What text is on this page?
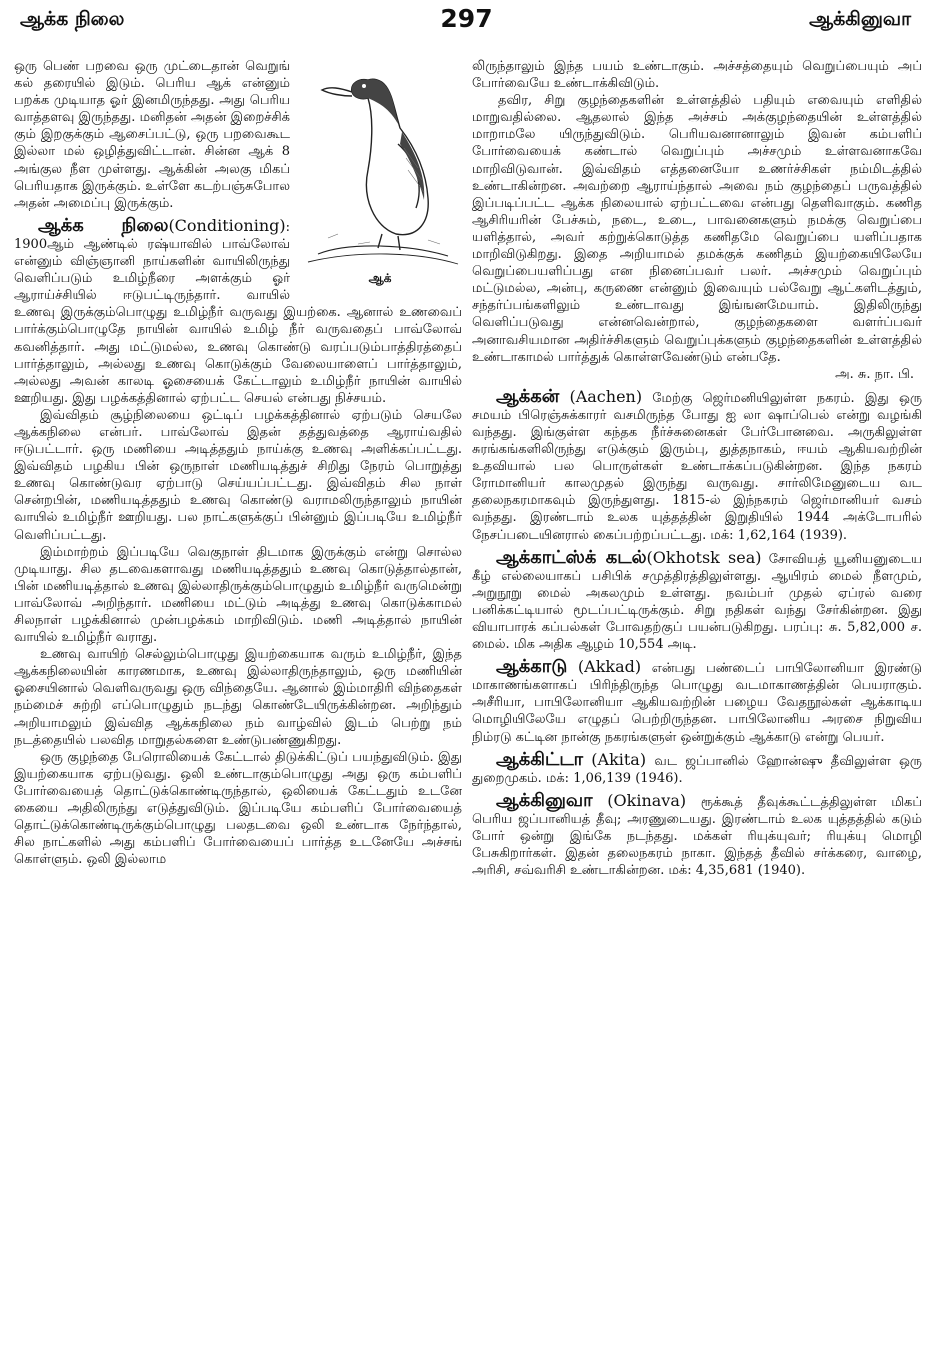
ஆக்க நிலை	297	ஆக்கினுவா
ஆக்

ஒரு பெண் பறவை ஒரு முட்டைதான் வெறுங் கல் தரையில் இடும். பெரிய ஆக் என்னும் பறக்க முடியாத ஓர் இனமிருந்தது. அது பெரிய வாத்தளவு இருந்தது. மனிதன் அதன் இறைச்சிக் கும் இறகுக்கும் ஆசைப்பட்டு, ஒரு பறவைகூட இல்லா மல் ஒழித்துவிட்டான். சின்ன ஆக் 8 அங்குல நீள முள்ளது. ஆக்கின் அலகு மிகப் பெரியதாக இருக்கும். உள்ளே கடற்பஞ்சுபோல அதன் அமைப்பு இருக்கும்.

ஆக்க நிலை(Conditioning): 1900ஆம் ஆண்டில் ரஷ்யாவில் பாவ்லோவ் என்னும் விஞ்ஞானி நாய்களின் வாயிலிருந்து வெளிப்படும் உமிழ்நீரை அளக்கும் ஓர் ஆராய்ச்சியில் ஈடுபட்டிருந்தார். வாயில் உணவு இருக்கும்பொழுது உமிழ்நீர் வருவது இயற்கை. ஆனால் உணவைப் பார்க்கும்பொழுதே நாயின் வாயில் உமிழ் நீர் வருவதைப் பாவ்லோவ் கவனித்தார். அது மட்டுமல்ல, உணவு கொண்டு வரப்படும்பாத்திரத்தைப் பார்த்தாலும், அல்லது உணவு கொடுக்கும் வேலையாளைப் பார்த்தாலும், அல்லது அவன் காலடி ஓசையைக் கேட்டாலும் உமிழ்நீர் நாயின் வாயில் ஊறியது. இது பழக்கத்தினால் ஏற்பட்ட செயல் என்பது நிச்சயம்.

இவ்விதம் சூழ்நிலையை ஒட்டிப் பழக்கத்தினால் ஏற்படும் செயலே ஆக்கநிலை என்பர். பாவ்லோவ் இதன் தத்துவத்தை ஆராய்வதில் ஈடுபட்டார். ஒரு மணியை அடித்ததும் நாய்க்கு உணவு அளிக்கப்பட்டது. இவ்விதம் பழகிய பின் ஒருநாள் மணியடித்துச் சிறிது நேரம் பொறுத்து உணவு கொண்டுவர ஏற்பாடு செய்யப்பட்டது. இவ்விதம் சில நாள் சென்றபின், மணியடித்ததும் உணவு கொண்டு வராமலிருந்தாலும் நாயின் வாயில் உமிழ்நீர் ஊறியது. பல நாட்களுக்குப் பின்னும் இப்படியே உமிழ்நீர் வெளிப்பட்டது.

இம்மாற்றம் இப்படியே வெகுநாள் திடமாக இருக்கும் என்று சொல்ல முடியாது. சில தடவைகளாவது மணியடித்ததும் உணவு கொடுத்தால்தான், பின் மணியடித்தால் உணவு இல்லாதிருக்கும்பொழுதும் உமிழ்நீர் வருமென்று பாவ்லோவ் அறிந்தார். மணியை மட்டும் அடித்து உணவு கொடுக்காமல் சிலநாள் பழக்கினால் முன்பழக்கம் மாறிவிடும். மணி அடித்தால் நாயின் வாயில் உமிழ்நீர் வராது.

உணவு வாயிற் செல்லும்பொழுது இயற்கையாக வரும் உமிழ்நீர், இந்த ஆக்கநிலையின் காரணமாக, உணவு இல்லாதிருந்தாலும், ஒரு மணியின் ஓசையினால் வெளிவருவது ஒரு விந்தையே. ஆனால் இம்மாதிரி விந்தைகள் நம்மைச் சுற்றி எப்பொழுதும் நடந்து கொண்டேயிருக்கின்றன. அறிந்தும் அறியாமலும் இவ்வித ஆக்கநிலை நம் வாழ்வில் இடம் பெற்று நம் நடத்தையில் பலவித மாறுதல்களை உண்டுபண்ணுகிறது.

ஒரு குழந்தை பேரொலியைக் கேட்டால் திடுக்கிட்டுப் பயந்துவிடும். இது இயற்கையாக ஏற்படுவது. ஒலி உண்டாகும்பொழுது அது ஒரு கம்பளிப் போர்வையைத் தொட்டுக்கொண்டிருந்தால், ஒலியைக் கேட்டதும் உடனே கையை அதிலிருந்து எடுத்துவிடும். இப்படியே கம்பளிப் போர்வையைத் தொட்டுக்கொண்டிருக்கும்பொழுது பலதடவை ஒலி உண்டாக நேர்ந்தால், சில நாட்களில் அது கம்பளிப் போர்வையைப் பார்த்த உடனேயே அச்சங் கொள்ளும். ஒலி இல்லாம

லிருந்தாலும் இந்த பயம் உண்டாகும். அச்சத்தையும் வெறுப்பையும் அப் போர்வையே உண்டாக்கிவிடும்.

தவிர, சிறு குழந்தைகளின் உள்ளத்தில் பதியும் எவையும் எளிதில் மாறுவதில்லை. ஆதலால் இந்த அச்சம் அக்குழந்தையின் உள்ளத்தில் மாறாமலே யிருந்துவிடும். பெரியவனானாலும் இவன் கம்பளிப் போர்வையைக் கண்டால் வெறுப்பும் அச்சமும் உள்ளவனாகவே மாறிவிடுவான். இவ்விதம் எத்தனையோ உணர்ச்சிகள் நம்மிடத்தில் உண்டாகின்றன. அவற்றை ஆராய்ந்தால் அவை நம் குழந்தைப் பருவத்தில் இப்படிப்பட்ட ஆக்க நிலையால் ஏற்பட்டவை என்பது தெளிவாகும். கணித ஆசிரியரின் பேச்சும், நடை, உடை, பாவனைகளும் நமக்கு வெறுப்பை யளித்தால், அவர் கற்றுக்கொடுத்த கணிதமே வெறுப்பை யளிப்பதாக மாறிவிடுகிறது. இதை அறியாமல் தமக்குக் கணிதம் இயற்கையிலேயே வெறுப்பையளிப்பது என நினைப்பவர் பலர். அச்சமும் வெறுப்பும் மட்டுமல்ல, அன்பு, கருணை என்னும் இவையும் பல்வேறு ஆட்களிடத்தும், சந்தர்ப்பங்களிலும் உண்டாவது இங்ஙனமேயாம். இதிலிருந்து வெளிப்படுவது என்னவென்றால், குழந்தைகளை வளர்ப்பவர் அனாவசியமான அதிர்ச்சிகளும் வெறுப்புக்களும் குழந்தைகளின் உள்ளத்தில் உண்டாகாமல் பார்த்துக் கொள்ளவேண்டும் என்பதே.

அ. சு. நா. பி.

ஆக்கன் (Aachen) மேற்கு ஜெர்மனியிலுள்ள நகரம். இது ஒரு சமயம் பிரெஞ்சுக்காரர் வசமிருந்த போது ஐ லா ஷாப்பெல் என்று வழங்கி வந்தது. இங்குள்ள கந்தக நீர்ச்சுனைகள் பேர்போனவை. அருகிலுள்ள சுரங்கங்களிலிருந்து எடுக்கும் இரும்பு, துத்தநாகம், ஈயம் ஆகியவற்றின் உதவியால் பல பொருள்கள் உண்டாக்கப்படுகின்றன. இந்த நகரம் ரோமானியர் காலமுதல் இருந்து வருவது. சார்லிமேனுடைய வட தலைநகரமாகவும் இருந்துளது. 1815-ல் இந்நகரம் ஜெர்மானியர் வசம் வந்தது. இரண்டாம் உலக யுத்தத்தின் இறுதியில் 1944 அக்டோபரில் நேசப்படையினரால் கைப்பற்றப்பட்டது. மக்: 1,62,164 (1939).

ஆக்காட்ஸ்க் கடல்(Okhotsk sea) சோவியத் யூனியனுடைய கீழ் எல்லையாகப் பசிபிக் சமுத்திரத்திலுள்ளது. ஆயிரம் மைல் நீளமும், அறுநூறு மைல் அகலமும் உள்ளது. நவம்பர் முதல் ஏப்ரல் வரை பனிக்கட்டியால் மூடப்பட்டிருக்கும். சிறு நதிகள் வந்து சேர்கின்றன. இது வியாபாரக் கப்பல்கள் போவதற்குப் பயன்படுகிறது. பரப்பு: சு. 5,82,000 ச. மைல். மிக அதிக ஆழம் 10,554 அடி.

ஆக்காடு (Akkad) என்பது பண்டைப் பாபிலோனியா இரண்டு மாகாணங்களாகப் பிரிந்திருந்த பொழுது வடமாகாணத்தின் பெயராகும். அசீரியா, பாபிலோனியா ஆகியவற்றின் பழைய வேதநூல்கள் ஆக்காடிய மொழியிலேயே எழுதப் பெற்றிருந்தன. பாபிலோனிய அரசை நிறுவிய நிம்ரடு கட்டின நான்கு நகரங்களுள் ஒன்றுக்கும் ஆக்காடு என்று பெயர்.

ஆக்கிட்டா (Akita) வட ஜப்பானில் ஹோன்ஷு தீவிலுள்ள ஒரு துறைமுகம். மக்: 1,06,139 (1946).

ஆக்கினுவா (Okinava) ரூக்கூத் தீவுக்கூட்டத்திலுள்ள மிகப் பெரிய ஜப்பானியத் தீவு; அரணுடையது. இரண்டாம் உலக யுத்தத்தில் கடும் போர் ஒன்று இங்கே நடந்தது. மக்கள் ரியுக்யுவர்; ரியுக்யு மொழி பேசுகிறார்கள். இதன் தலைநகரம் நாகா. இந்தத் தீவில் சர்க்கரை, வாழை, அரிசி, சவ்வரிசி உண்டாகின்றன. மக்: 4,35,681 (1940).
